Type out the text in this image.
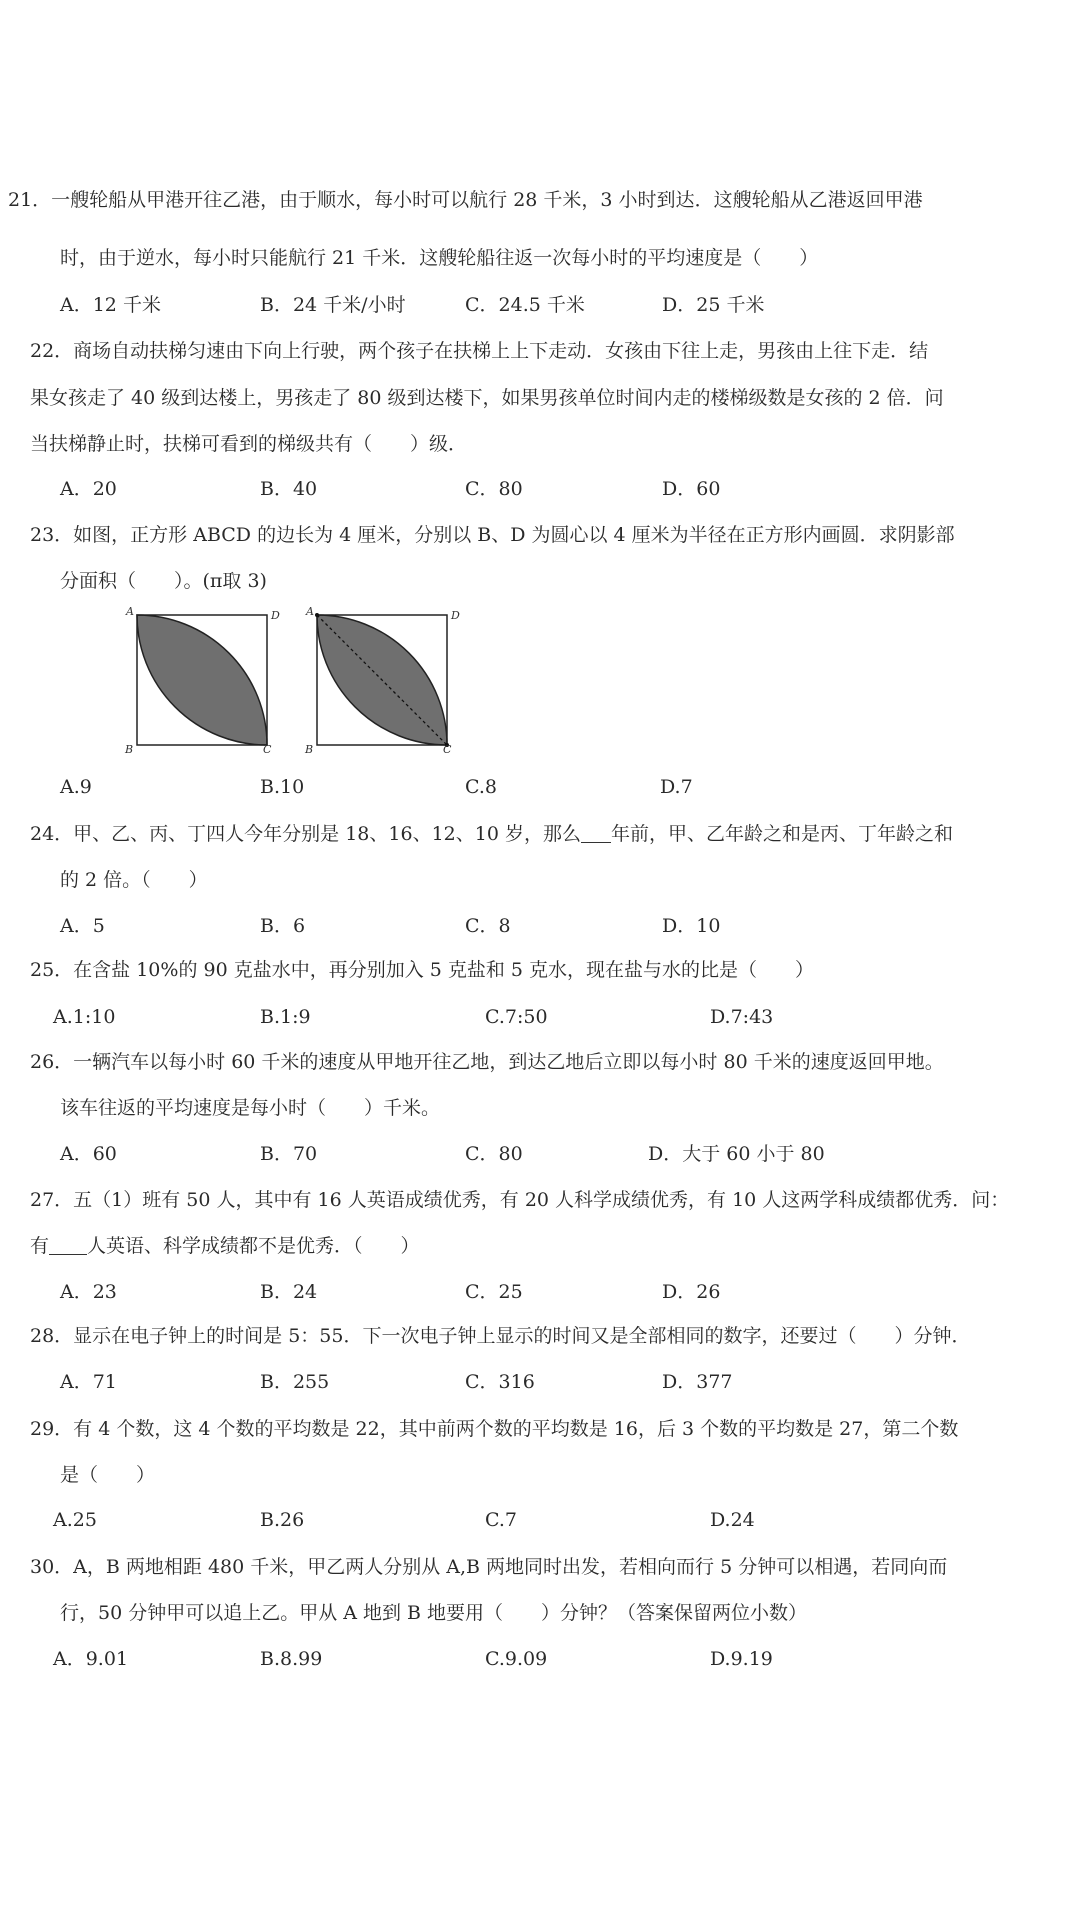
21．一艘轮船从甲港开往乙港，由于顺水，每小时可以航行 28 千米，3 小时到达．这艘轮船从乙港返回甲港
时，由于逆水，每小时只能航行 21 千米．这艘轮船往返一次每小时的平均速度是（　　）
A．12 千米	B．24 千米/小时	C．24.5 千米	D．25 千米
22．商场自动扶梯匀速由下向上行驶，两个孩子在扶梯上上下走动．女孩由下往上走，男孩由上往下走．结
果女孩走了 40 级到达楼上，男孩走了 80 级到达楼下，如果男孩单位时间内走的楼梯级数是女孩的 2 倍．问
当扶梯静止时，扶梯可看到的梯级共有（　　）级．
A．20	B．40	C．80	D．60
23．如图，正方形 ABCD 的边长为 4 厘米，分别以 B、D 为圆心以 4 厘米为半径在正方形内画圆．求阴影部
分面积（　　）。(π取 3)
A	D
B	C
A	D
B	C
A.9	B.10	C.8	D.7
24．甲、乙、丙、丁四人今年分别是 18、16、12、10 岁，那么 年前，甲、乙年龄之和是丙、丁年龄之和
的 2 倍。（　　）
A．5	B．6	C．8	D．10
25．在含盐 10%的 90 克盐水中，再分别加入 5 克盐和 5 克水，现在盐与水的比是（　　）
A.1:10	B.1:9	C.7:50	D.7:43
26．一辆汽车以每小时 60 千米的速度从甲地开往乙地，到达乙地后立即以每小时 80 千米的速度返回甲地。
该车往返的平均速度是每小时（　　）千米。
A．60	B．70	C．80	D．大于 60 小于 80
27．五（1）班有 50 人，其中有 16 人英语成绩优秀，有 20 人科学成绩优秀，有 10 人这两学科成绩都优秀．问：
有 人英语、科学成绩都不是优秀．（　　）
A．23	B．24	C．25	D．26
28．显示在电子钟上的时间是 5：55．下一次电子钟上显示的时间又是全部相同的数字，还要过（　　）分钟．
A．71	B．255	C．316	D．377
29．有 4 个数，这 4 个数的平均数是 22，其中前两个数的平均数是 16，后 3 个数的平均数是 27，第二个数
是（　　）
A.25	B.26	C.7	D.24
30．A，B 两地相距 480 千米，甲乙两人分别从 A,B 两地同时出发，若相向而行 5 分钟可以相遇，若同向而
行，50 分钟甲可以追上乙。甲从 A 地到 B 地要用（　　）分钟？（答案保留两位小数）
A．9.01	B.8.99	C.9.09	D.9.19
